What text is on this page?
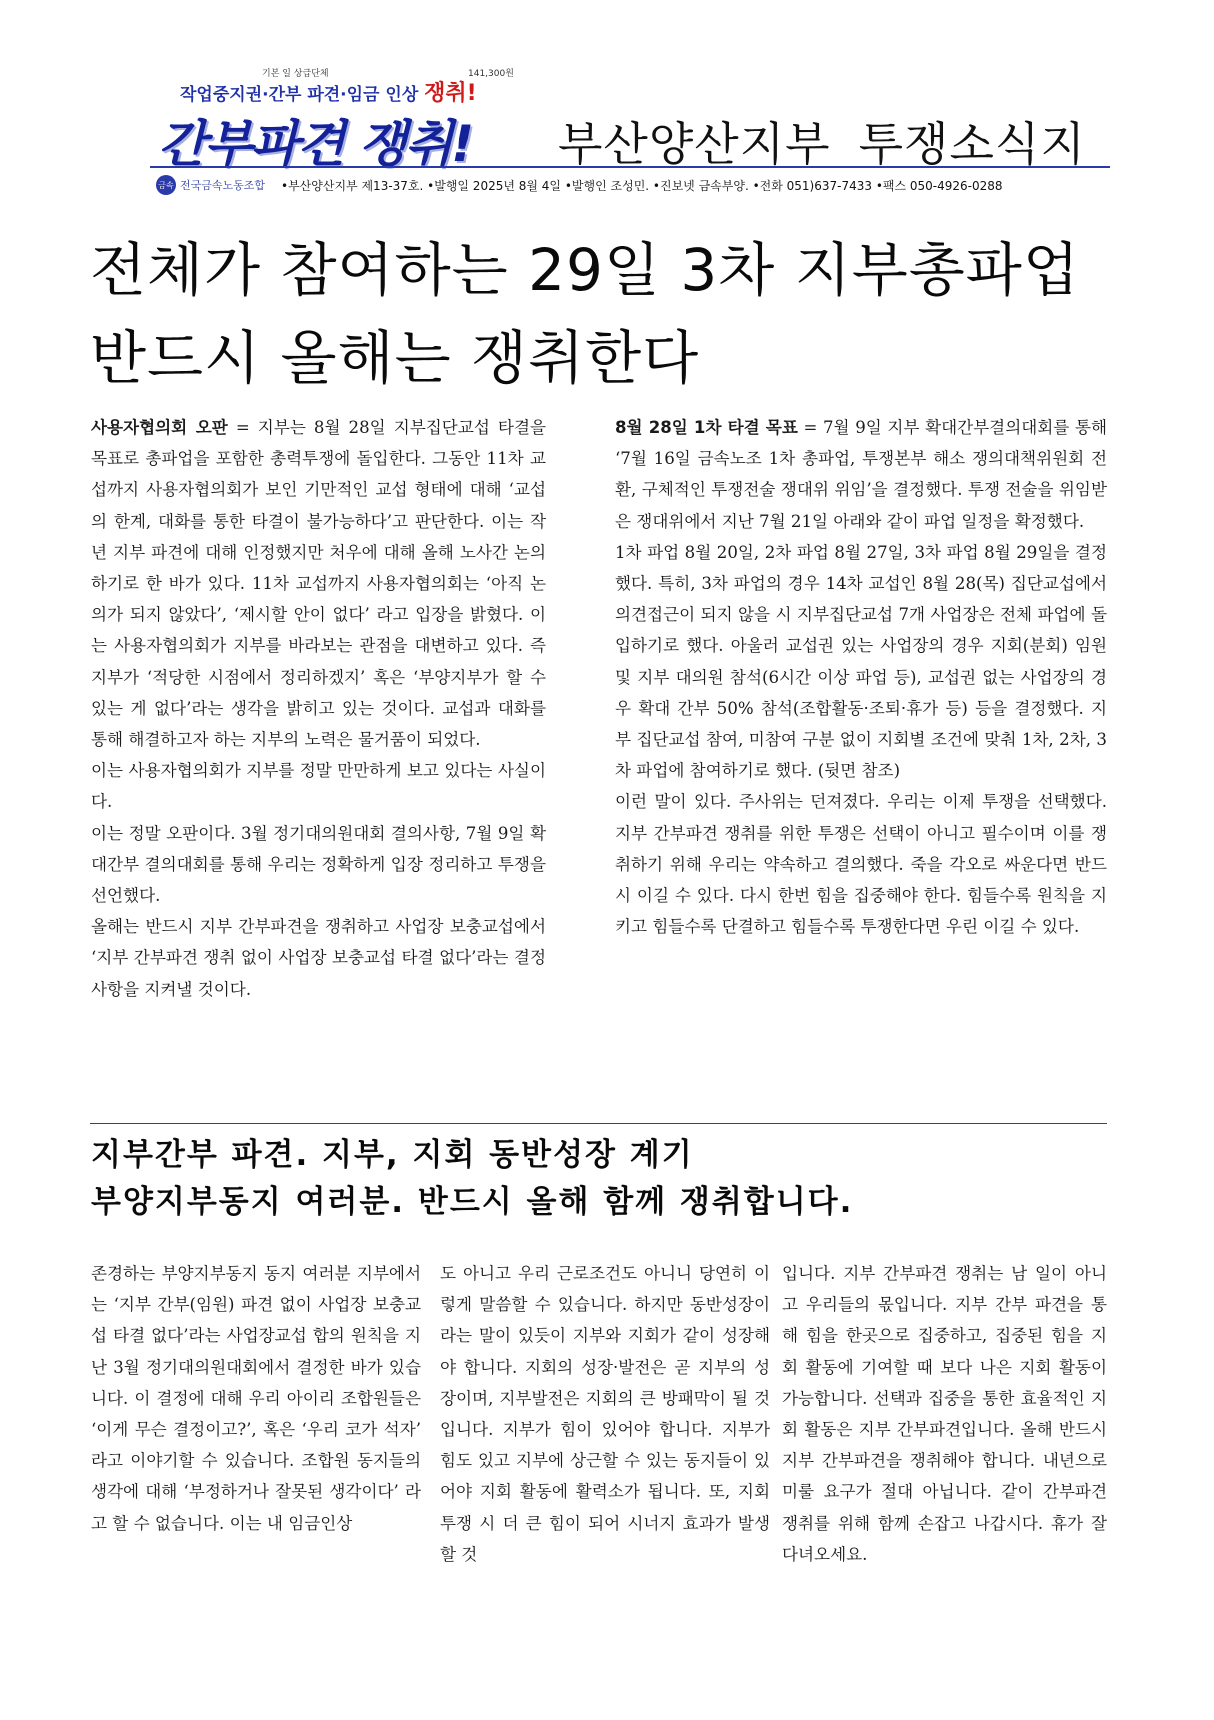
작업중지권·간부 파견·임금 인상 쟁취!
기본 일 상급단체	141,300원
간부파견 쟁취! 부산양산지부 투쟁소식지
금속 전국금속노동조합 •부산양산지부 제13-37호. •발행일 2025년 8월 4일 •발행인 조성민. •진보넷 금속부양. •전화 051)637-7433 •팩스 050-4926-0288
전체가 참여하는 29일 3차 지부총파업
반드시 올해는 쟁취한다

사용자협의회 오판 = 지부는 8월 28일 지부집단교섭 타결을 목표로 총파업을 포함한 총력투쟁에 돌입한다. 그동안 11차 교섭까지 사용자협의회가 보인 기만적인 교섭 형태에 대해 ‘교섭의 한계, 대화를 통한 타결이 불가능하다’고 판단한다. 이는 작년 지부 파견에 대해 인정했지만 처우에 대해 올해 노사간 논의하기로 한 바가 있다. 11차 교섭까지 사용자협의회는 ‘아직 논의가 되지 않았다’, ‘제시할 안이 없다’ 라고 입장을 밝혔다. 이는 사용자협의회가 지부를 바라보는 관점을 대변하고 있다. 즉 지부가 ‘적당한 시점에서 정리하겠지’ 혹은 ‘부양지부가 할 수 있는 게 없다’라는 생각을 밝히고 있는 것이다. 교섭과 대화를 통해 해결하고자 하는 지부의 노력은 물거품이 되었다.

이는 사용자협의회가 지부를 정말 만만하게 보고 있다는 사실이다.

이는 정말 오판이다. 3월 정기대의원대회 결의사항, 7월 9일 확대간부 결의대회를 통해 우리는 정확하게 입장 정리하고 투쟁을 선언했다.

올해는 반드시 지부 간부파견을 쟁취하고 사업장 보충교섭에서 ‘지부 간부파견 쟁취 없이 사업장 보충교섭 타결 없다’라는 결정사항을 지켜낼 것이다.

8월 28일 1차 타결 목표 = 7월 9일 지부 확대간부결의대회를 통해 ‘7월 16일 금속노조 1차 총파업, 투쟁본부 해소 쟁의대책위원회 전환, 구체적인 투쟁전술 쟁대위 위임’을 결정했다. 투쟁 전술을 위임받은 쟁대위에서 지난 7월 21일 아래와 같이 파업 일정을 확정했다.

1차 파업 8월 20일, 2차 파업 8월 27일, 3차 파업 8월 29일을 결정했다. 특히, 3차 파업의 경우 14차 교섭인 8월 28(목) 집단교섭에서 의견접근이 되지 않을 시 지부집단교섭 7개 사업장은 전체 파업에 돌입하기로 했다. 아울러 교섭권 있는 사업장의 경우 지회(분회) 임원 및 지부 대의원 참석(6시간 이상 파업 등), 교섭권 없는 사업장의 경우 확대 간부 50% 참석(조합활동·조퇴·휴가 등) 등을 결정했다. 지부 집단교섭 참여, 미참여 구분 없이 지회별 조건에 맞춰 1차, 2차, 3차 파업에 참여하기로 했다. (뒷면 참조)

이런 말이 있다. 주사위는 던져졌다. 우리는 이제 투쟁을 선택했다. 지부 간부파견 쟁취를 위한 투쟁은 선택이 아니고 필수이며 이를 쟁취하기 위해 우리는 약속하고 결의했다. 죽을 각오로 싸운다면 반드시 이길 수 있다. 다시 한번 힘을 집중해야 한다. 힘들수록 원칙을 지키고 힘들수록 단결하고 힘들수록 투쟁한다면 우린 이길 수 있다.

지부간부 파견. 지부, 지회 동반성장 계기
부양지부동지 여러분. 반드시 올해 함께 쟁취합니다.

존경하는 부양지부동지 동지 여러분 지부에서는 ‘지부 간부(임원) 파견 없이 사업장 보충교섭 타결 없다’라는 사업장교섭 합의 원칙을 지난 3월 정기대의원대회에서 결정한 바가 있습니다. 이 결정에 대해 우리 아이리 조합원들은 ‘이게 무슨 결정이고?’, 혹은 ‘우리 코가 석자’ 라고 이야기할 수 있습니다. 조합원 동지들의 생각에 대해 ‘부정하거나 잘못된 생각이다’ 라고 할 수 없습니다. 이는 내 임금인상

도 아니고 우리 근로조건도 아니니 당연히 이렇게 말씀할 수 있습니다. 하지만 동반성장이라는 말이 있듯이 지부와 지회가 같이 성장해야 합니다. 지회의 성장·발전은 곧 지부의 성장이며, 지부발전은 지회의 큰 방패막이 될 것입니다. 지부가 힘이 있어야 합니다. 지부가 힘도 있고 지부에 상근할 수 있는 동지들이 있어야 지회 활동에 활력소가 됩니다. 또, 지회 투쟁 시 더 큰 힘이 되어 시너지 효과가 발생할 것

입니다. 지부 간부파견 쟁취는 남 일이 아니고 우리들의 몫입니다. 지부 간부 파견을 통해 힘을 한곳으로 집중하고, 집중된 힘을 지회 활동에 기여할 때 보다 나은 지회 활동이 가능합니다. 선택과 집중을 통한 효율적인 지회 활동은 지부 간부파견입니다. 올해 반드시 지부 간부파견을 쟁취해야 합니다. 내년으로 미룰 요구가 절대 아닙니다. 같이 간부파견 쟁취를 위해 함께 손잡고 나갑시다. 휴가 잘 다녀오세요.
